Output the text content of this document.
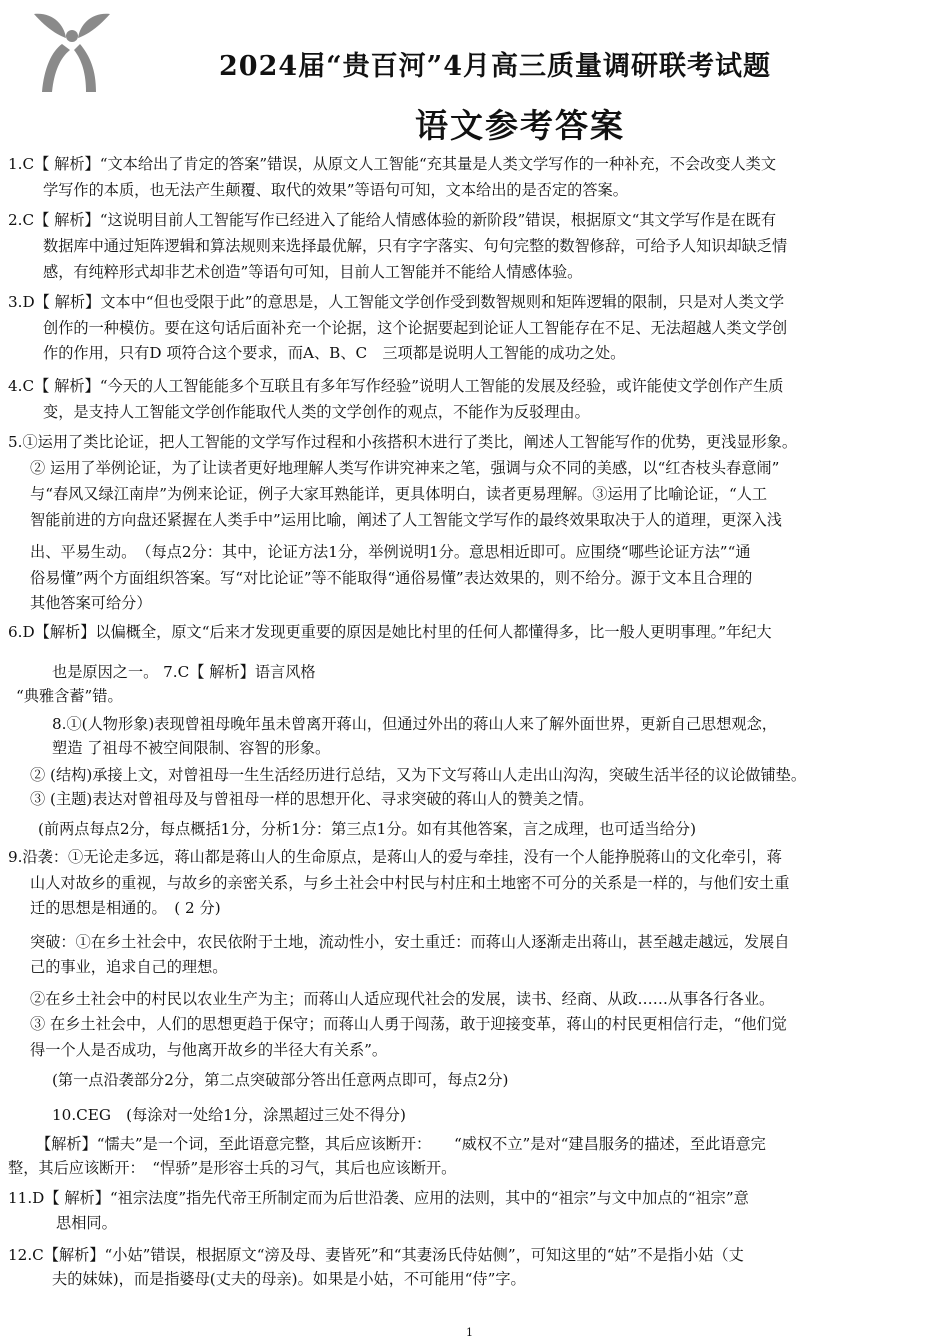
2024届“贵百河”4月高三质量调研联考试题
语文参考答案
1.C【 解析】“文本给出了肯定的答案”错误，从原文人工智能“充其量是人类文学写作的一种补充，不会改变人类文
学写作的本质，也无法产生颠覆、取代的效果”等语句可知，文本给出的是否定的答案。
2.C【 解析】“这说明目前人工智能写作已经进入了能给人情感体验的新阶段”错误，根据原文“其文学写作是在既有
数据库中通过矩阵逻辑和算法规则来选择最优解，只有字字落实、句句完整的数智修辞，可给予人知识却缺乏情
感，有纯粹形式却非艺术创造”等语句可知，目前人工智能并不能给人情感体验。
3.D【 解析】文本中“但也受限于此”的意思是，人工智能文学创作受到数智规则和矩阵逻辑的限制，只是对人类文学
创作的一种模仿。要在这句话后面补充一个论据，这个论据要起到论证人工智能存在不足、无法超越人类文学创
作的作用，只有D 项符合这个要求，而A、B、C　三项都是说明人工智能的成功之处。
4.C【 解析】“今天的人工智能能多个互联且有多年写作经验”说明人工智能的发展及经验，或许能使文学创作产生质
变，是支持人工智能文学创作能取代人类的文学创作的观点，不能作为反驳理由。
5.①运用了类比论证，把人工智能的文学写作过程和小孩搭积木进行了类比，阐述人工智能写作的优势，更浅显形象。
② 运用了举例论证，为了让读者更好地理解人类写作讲究神来之笔，强调与众不同的美感，以“红杏枝头春意闹”
与“春风又绿江南岸”为例来论证，例子大家耳熟能详，更具体明白，读者更易理解。③运用了比喻论证，“人工
智能前进的方向盘还紧握在人类手中”运用比喻，阐述了人工智能文学写作的最终效果取决于人的道理，更深入浅
出、平易生动。　（每点2分：其中，论证方法1分，举例说明1分。意思相近即可。应围绕“哪些论证方法”“通
俗易懂”两个方面组织答案。写“对比论证”等不能取得“通俗易懂”表达效果的，则不给分。源于文本且合理的
其他答案可给分）
6.D【解析】以偏概全，原文“后来才发现更重要的原因是她比村里的任何人都懂得多，比一般人更明事理。”年纪大
也是原因之一。 7.C【 解析】语言风格
“典雅含蓄”错。
8.①(人物形象)表现曾祖母晚年虽未曾离开蒋山，但通过外出的蒋山人来了解外面世界，更新自己思想观念，
塑造 了祖母不被空间限制、容智的形象。
② (结构)承接上文，对曾祖母一生生活经历进行总结，又为下文写蒋山人走出山沟沟，突破生活半径的议论做铺垫。
③ (主题)表达对曾祖母及与曾祖母一样的思想开化、寻求突破的蒋山人的赞美之情。
(前两点每点2分，每点概括1分，分析1分：第三点1分。如有其他答案，言之成理，也可适当给分)
9.沿袭：①无论走多远，蒋山都是蒋山人的生命原点，是蒋山人的爱与牵挂，没有一个人能挣脱蒋山的文化牵引，蒋
山人对故乡的重视，与故乡的亲密关系，与乡土社会中村民与村庄和土地密不可分的关系是一样的，与他们安土重
迁的思想是相通的。　( 2 分)
突破：①在乡土社会中，农民依附于土地，流动性小，安土重迁：而蒋山人逐渐走出蒋山，甚至越走越远，发展自
己的事业，追求自己的理想。
②在乡土社会中的村民以农业生产为主；而蒋山人适应现代社会的发展，读书、经商、从政……从事各行各业。
③ 在乡土社会中，人们的思想更趋于保守；而蒋山人勇于闯荡，敢于迎接变革，蒋山的村民更相信行走，“他们觉
得一个人是否成功，与他离开故乡的半径大有关系”。
(第一点沿袭部分2分，第二点突破部分答出任意两点即可，每点2分)
10.CEG　(每涂对一处给1分，涂黑超过三处不得分)
【解析】“懦夫”是一个词，至此语意完整，其后应该断开：　　“威权不立”是对“建昌服务的描述，至此语意完
整，其后应该断开：　“悍骄”是形容士兵的习气，其后也应该断开。
11.D【 解析】“祖宗法度”指先代帝王所制定而为后世沿袭、应用的法则，其中的“祖宗”与文中加点的“祖宗”意
思相同。
12.C【解析】“小姑”错误，根据原文“滂及母、妻皆死”和“其妻汤氏侍姑侧”，可知这里的“姑”不是指小姑（丈
夫的妹妹)，而是指婆母(丈夫的母亲)。如果是小姑，不可能用“侍”字。
1
